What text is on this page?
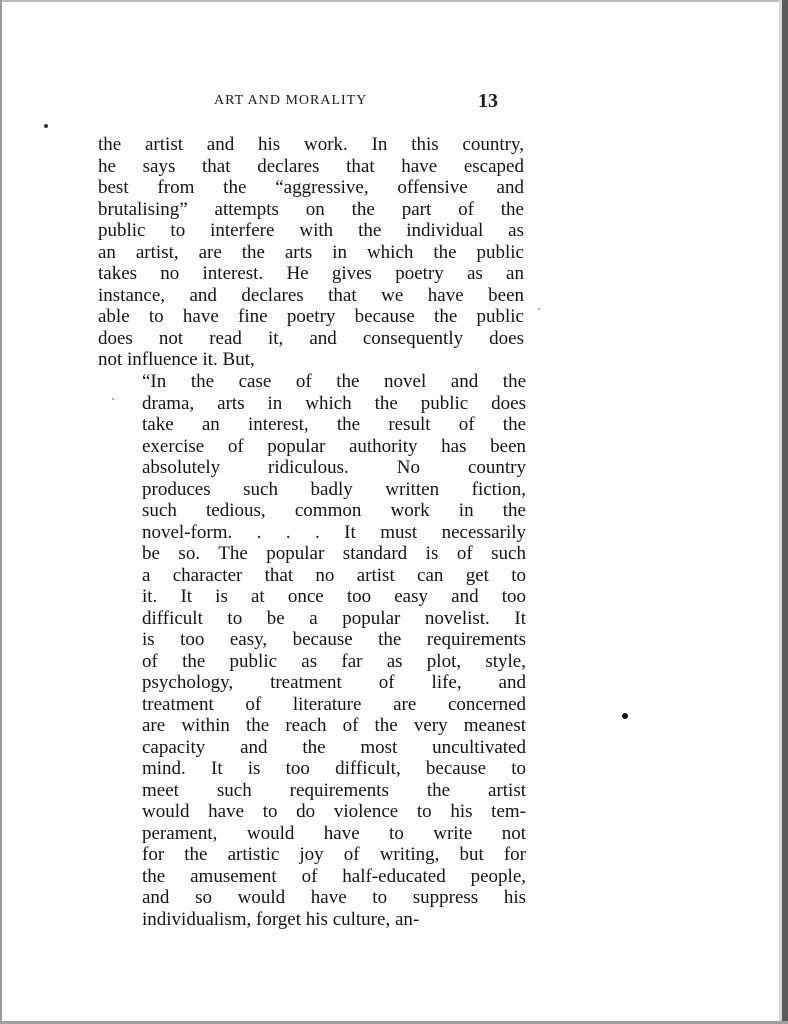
ART AND MORALITY	13
the artist and his work. In this country,
he says that declares that have escaped
best from the “aggressive, offensive and
brutalising” attempts on the part of the
public to interfere with the individual as
an artist, are the arts in which the public
takes no interest. He gives poetry as an
instance, and declares that we have been
able to have fine poetry because the public
does not read it, and consequently does
not influence it. But,
“In the case of the novel and the
drama, arts in which the public does
take an interest, the result of the
exercise of popular authority has been
absolutely ridiculous. No country
produces such badly written fiction,
such tedious, common work in the
novel-form. . . . It must necessarily
be so. The popular standard is of such
a character that no artist can get to
it. It is at once too easy and too
difficult to be a popular novelist. It
is too easy, because the requirements
of the public as far as plot, style,
psychology, treatment of life, and
treatment of literature are concerned
are within the reach of the very meanest
capacity and the most uncultivated
mind. It is too difficult, because to
meet such requirements the artist
would have to do violence to his tem-
perament, would have to write not
for the artistic joy of writing, but for
the amusement of half-educated people,
and so would have to suppress his
individualism, forget his culture, an-
